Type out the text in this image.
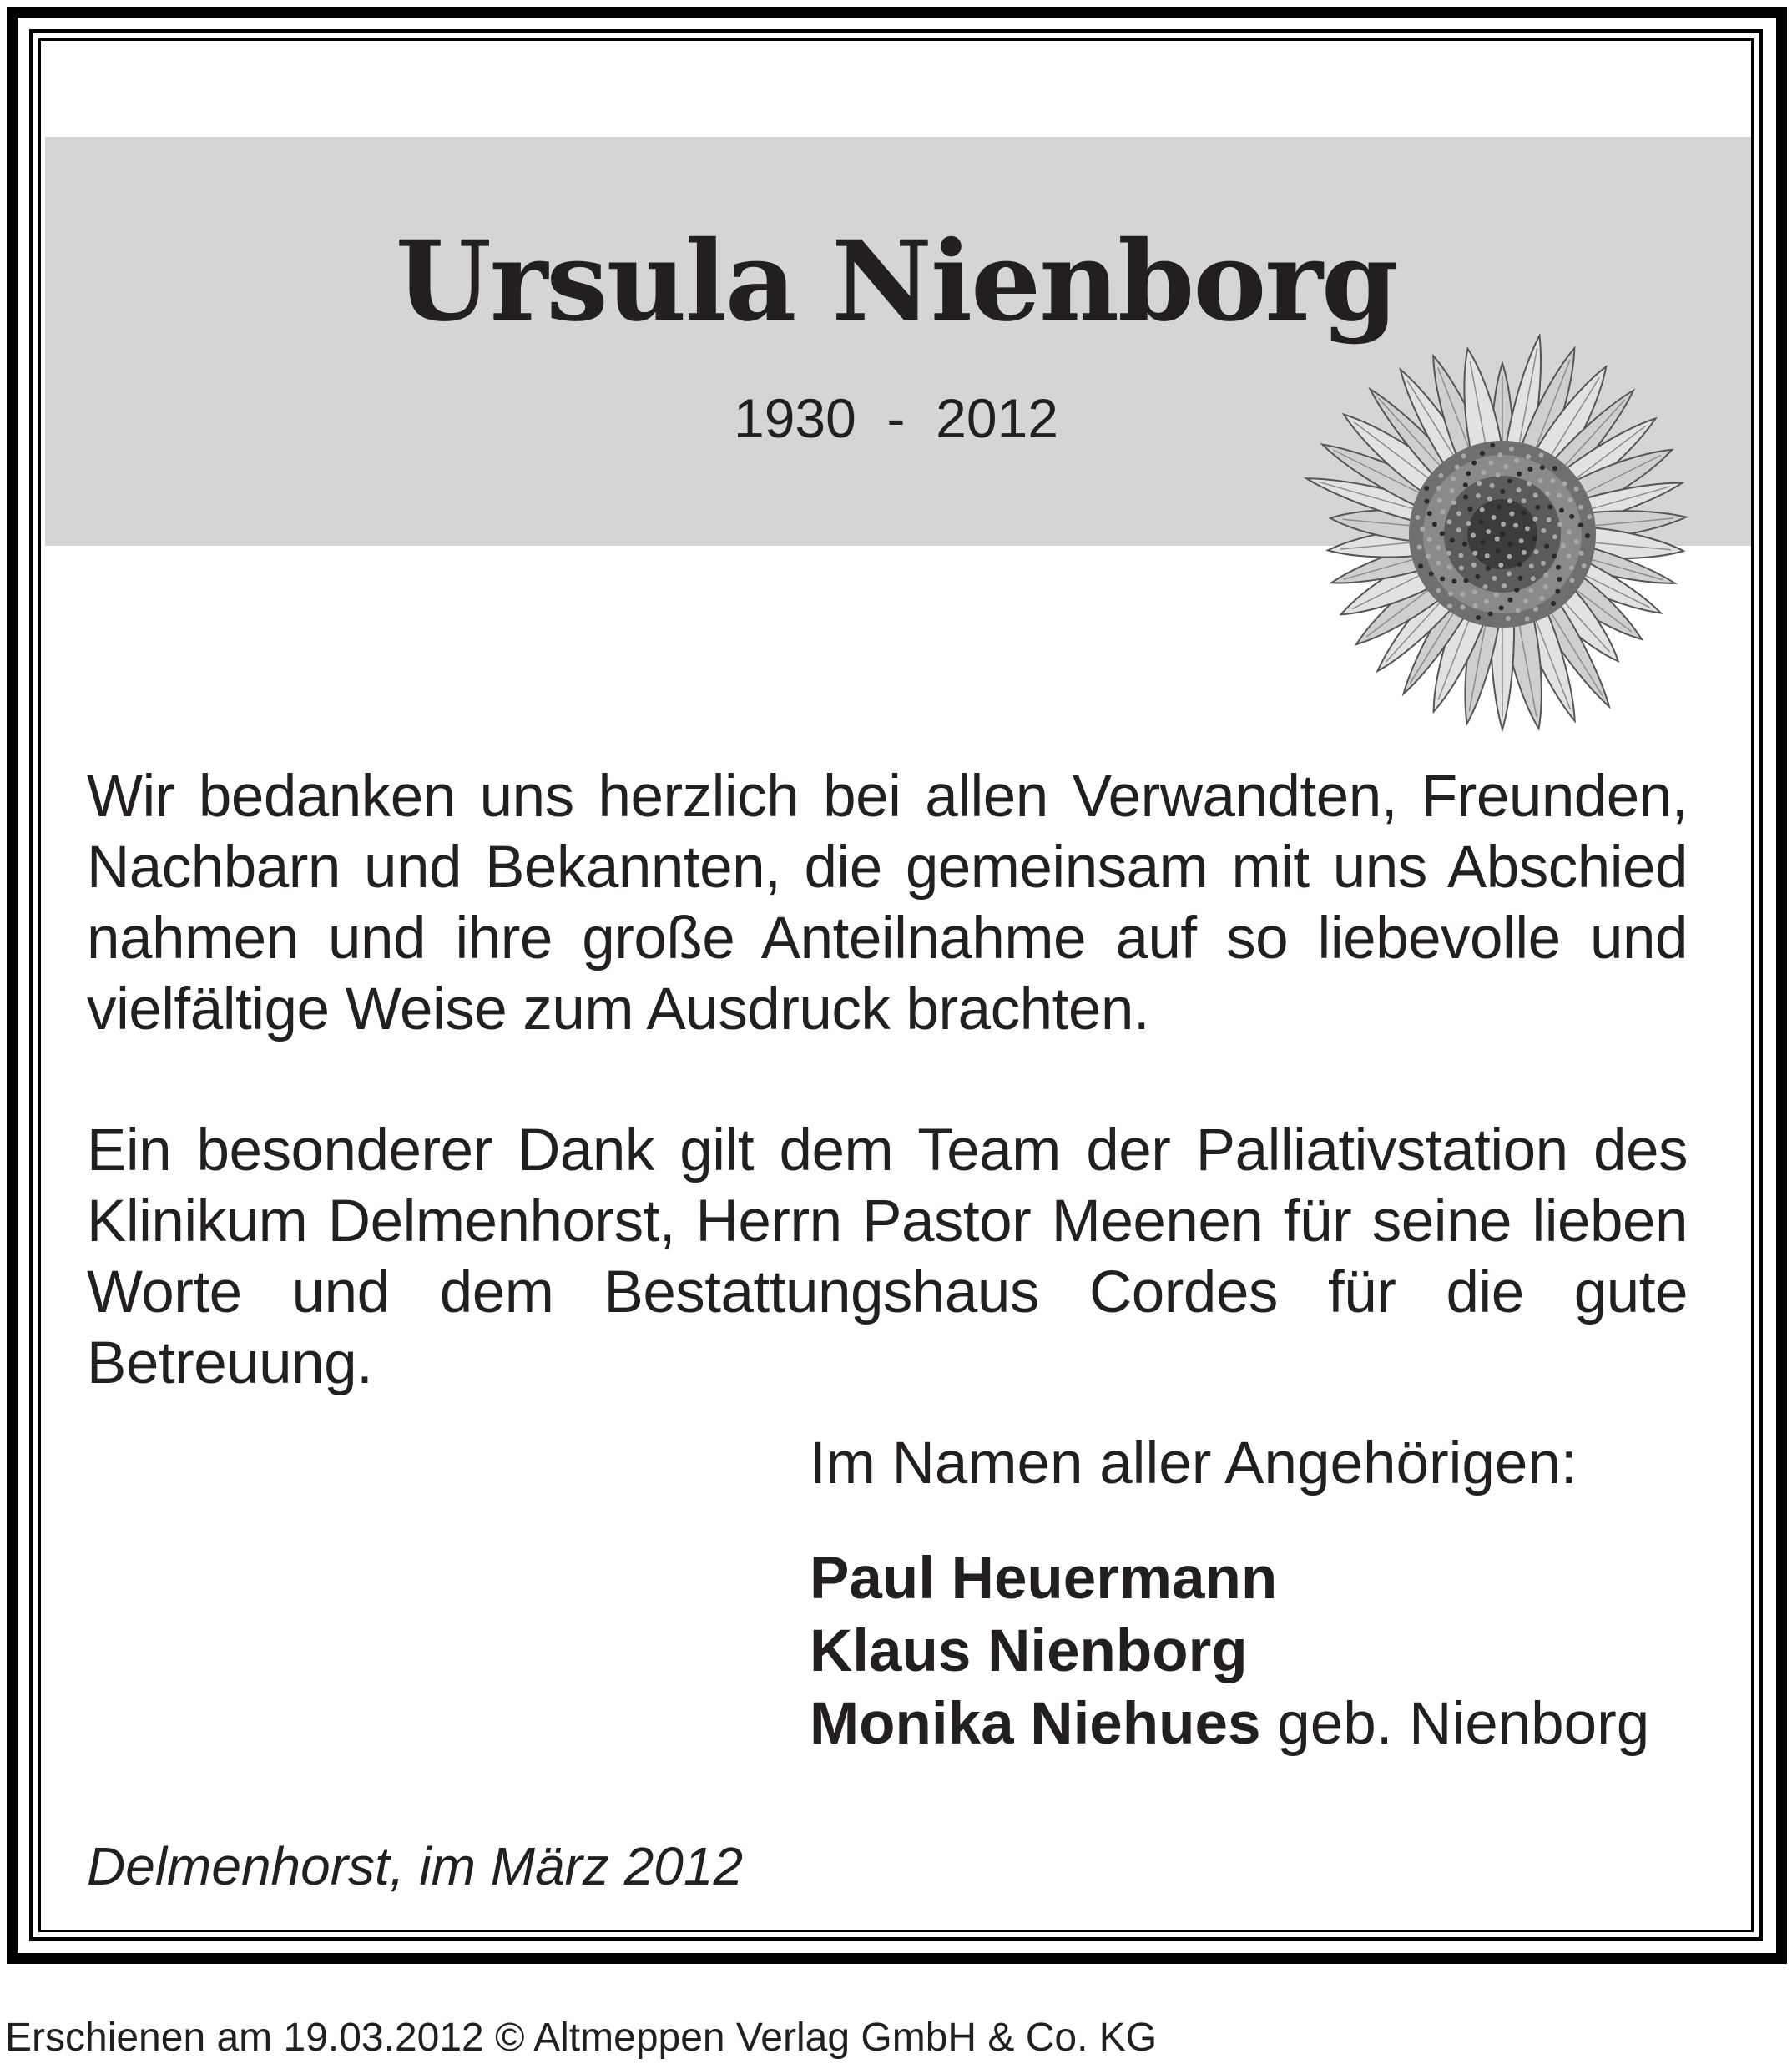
Ursula Nienborg
1930  -  2012

Wir bedanken uns herzlich bei allen Verwandten, Freunden, Nachbarn und Bekannten, die gemeinsam mit uns Abschied nahmen und ihre große Anteilnahme auf so liebevolle und vielfältige Weise zum Ausdruck brachten.

Ein besonderer Dank gilt dem Team der Palliativstation des Klinikum Delmenhorst, Herrn Pastor Meenen für seine lieben Worte und dem Bestattungshaus Cordes für die gute Betreuung.

Im Namen aller Angehörigen:
Paul Heuermann
Klaus Nienborg
Monika Niehues geb. Nienborg
Delmenhorst, im März 2012
Erschienen am 19.03.2012 © Altmeppen Verlag GmbH & Co. KG
